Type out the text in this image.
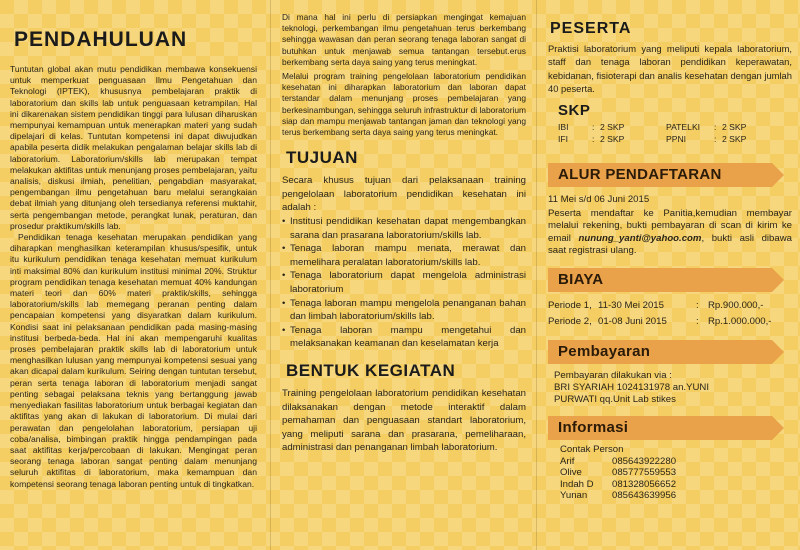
PENDAHULUAN

Tuntutan global akan mutu pendidikan membawa konsekuensi untuk memperkuat penguasaan Ilmu Pengetahuan dan Teknologi (IPTEK), khususnya pembelajaran praktik di laboratorium dan skills lab untuk penguasaan ketrampilan. Hal ini dikarenakan sistem pendidikan tinggi para lulusan diharuskan mempunyai kemampuan untuk menerapkan materi yang sudah dipelajari di kelas. Tuntutan kompetensi ini dapat diwujudkan apabila peserta didik melakukan pengalaman belajar skills lab di laboratorium. Laboratorium/skills lab merupakan tempat melakukan aktifitas untuk menunjang proses pembelajaran, yaitu analisis, diskusi ilmiah, penelitian, pengabdian masyarakat, pengembangan ilmu pengetahuan baru melalui serangkaian debat ilmiah yang ditunjang oleh tersedianya referensi muktahir, serta pengembangan metode, perangkat lunak, peraturan, dan prosedur praktikum/skills lab.

Pendidikan tenaga kesehatan merupakan pendidikan yang diharapkan menghasilkan keterampilan khusus/spesifik, untuk itu kurikulum pendidikan tenaga kesehatan memuat kurikulum inti maksimal 80% dan kurikulum institusi minimal 20%. Struktur program pendidikan tenaga kesehatan memuat 40% kandungan materi teori dan 60% materi praktik/skills, sehingga laboratorium/skills lab memegang peranan penting dalam pencapaian kompetensi yang disyaratkan dalam kurikulum. Kondisi saat ini pelaksanaan pendidikan pada masing-masing institusi berbeda-beda. Hal ini akan mempengaruhi kualitas proses pembelajaran praktik skills lab di laboratorium untuk menghasilkan lulusan yang mempunyai kompetensi sesuai yang akan dicapai dalam kurikulum. Seiring dengan tuntutan tersebut, peran serta tenaga laboran di laboratorium menjadi sangat penting sebagai pelaksana teknis yang bertanggung jawab menyediakan fasilitas laboratorium untuk berbagai kegiatan dan aktifitas yang akan di lakukan di laboratorium. Di mulai dari perawatan dan pengelolahan laboratorium, persiapan uji coba/analisa, bimbingan praktik hingga pendampingan pada saat aktifitas kerja/percobaan di lakukan. Mengingat peran seorang tenaga laboran sangat penting dalam menunjang seluruh aktifitas di laboratorium, maka kemampuan dan kompetensi seorang tenaga laboran penting untuk di tingkatkan.

Di mana hal ini perlu di persiapkan mengingat kemajuan teknologi, perkembangan ilmu pengetahuan terus berkembang sehingga wawasan dan peran seorang tenaga laboran sangat di butuhkan untuk menjawab semua tantangan tersebut.erus berkembang serta daya saing yang terus meningkat.

Melalui program training pengelolaan laboratorium pendidikan kesehatan ini diharapkan laboratorium dan laboran dapat terstandar dalam menunjang proses pembelajaran yang berkesinambungan, sehingga seluruh infrastruktur di laboratorium siap dan mampu menjawab tantangan jaman dan teknologi yang terus berkembang serta daya saing yang terus meningkat.

TUJUAN

Secara khusus tujuan dari pelaksanaan training pengelolaan laboratorium pendidikan kesehatan ini adalah :

• Institusi pendidikan kesehatan dapat mengembangkan sarana dan prasarana laboratorium/skills lab.
• Tenaga laboran mampu menata, merawat dan memelihara peralatan laboratorium/skills lab.
• Tenaga laboratorium dapat mengelola administrasi laboratorium
• Tenaga laboran mampu mengelola penanganan bahan dan limbah laboratorium/skills lab.
• Tenaga laboran mampu mengetahui dan melaksanakan keamanan dan keselamatan kerja
BENTUK KEGIATAN

Training pengelolaan laboratorium pendidikan kesehatan dilaksanakan dengan metode interaktif dalam pemahaman dan penguasaan standart laboratorium, yang meliputi sarana dan prasarana, pemeliharaan, administrasi dan penanganan limbah laboratorium.

PESERTA

Praktisi laboratorium yang meliputi kepala laboratorium, staff dan tenaga laboran pendidikan keperawatan, kebidanan, fisioterapi dan analis kesehatan dengan jumlah 40 peserta.

SKP
IBI	:	2 SKP
IFI	:	2 SKP
PATELKI	:	2 SKP
PPNI	:	2 SKP
ALUR PENDAFTARAN

11 Mei s/d 06 Juni 2015

Peserta mendaftar ke Panitia,kemudian membayar melalui rekening, bukti pembayaran di scan di kirim ke email nunung_yanti@yahoo.com, bukti asli dibawa saat registrasi ulang.

BIAYA
Periode 1,	11-30 Mei 2015	:	Rp.900.000,-
Periode 2,	01-08 Juni 2015	:	Rp.1.000.000,-
Pembayaran

Pembayaran dilakukan via :

BRI SYARIAH 1024131978 an.YUNI

PURWATI qq.Unit Lab stikes

Informasi

Contak Person

Arif	085643922280
Olive	085777559553
Indah D	081328056652
Yunan	085643639956
